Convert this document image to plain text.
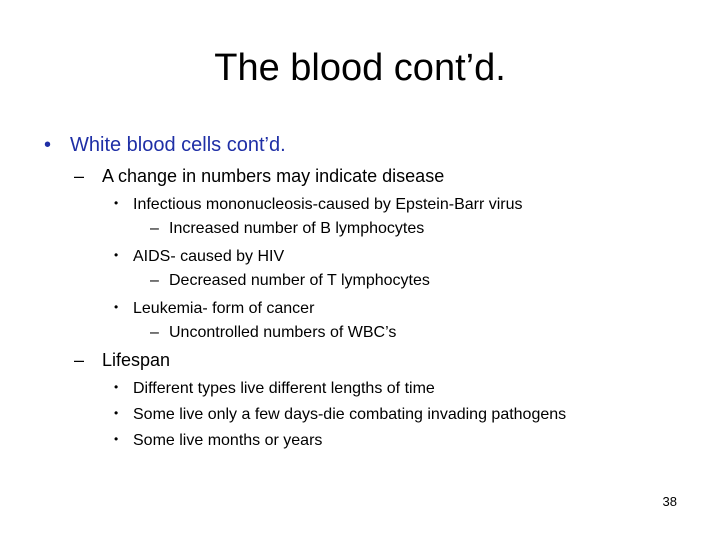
The blood cont’d.
• White blood cells cont’d.
– A change in numbers may indicate disease
• Infectious mononucleosis-caused by Epstein-Barr virus
– Increased number of B lymphocytes
• AIDS- caused by HIV
– Decreased number of T lymphocytes
• Leukemia- form of cancer
– Uncontrolled numbers of WBC’s
– Lifespan
• Different types live different lengths of time
• Some live only a few days-die combating invading pathogens
• Some live months or years
38
